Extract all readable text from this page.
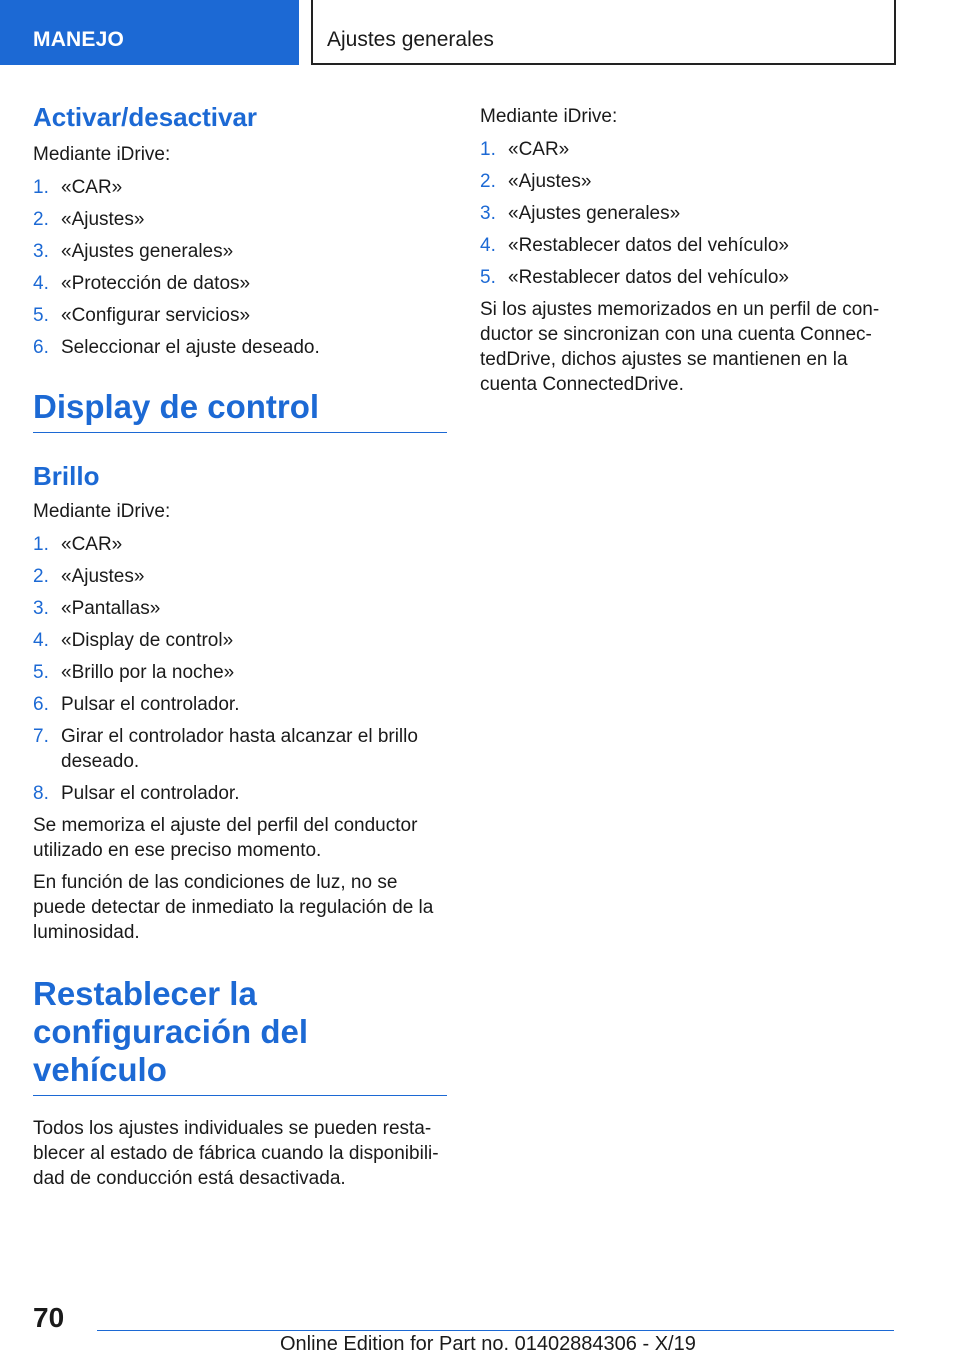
MANEJO	Ajustes generales
Activar/desactivar

Mediante iDrive:

1. «CAR»
2. «Ajustes»
3. «Ajustes generales»
4. «Protección de datos»
5. «Configurar servicios»
6. Seleccionar el ajuste deseado.
Display de control
Brillo

Mediante iDrive:

1. «CAR»
2. «Ajustes»
3. «Pantallas»
4. «Display de control»
5. «Brillo por la noche»
6. Pulsar el controlador.
7. Girar el controlador hasta alcanzar el brillo deseado.
8. Pulsar el controlador.

Se memoriza el ajuste del perfil del conductor utilizado en ese preciso momento.

En función de las condiciones de luz, no se puede detectar de inmediato la regulación de la luminosidad.

Restablecer la configuración del vehículo

Todos los ajustes individuales se pueden restablecer al estado de fábrica cuando la disponibilidad de conducción está desactivada.

Mediante iDrive:

1. «CAR»
2. «Ajustes»
3. «Ajustes generales»
4. «Restablecer datos del vehículo»
5. «Restablecer datos del vehículo»

Si los ajustes memorizados en un perfil de conductor se sincronizan con una cuenta ConnectedDrive, dichos ajustes se mantienen en la cuenta ConnectedDrive.

70
Online Edition for Part no. 01402884306 - X/19
